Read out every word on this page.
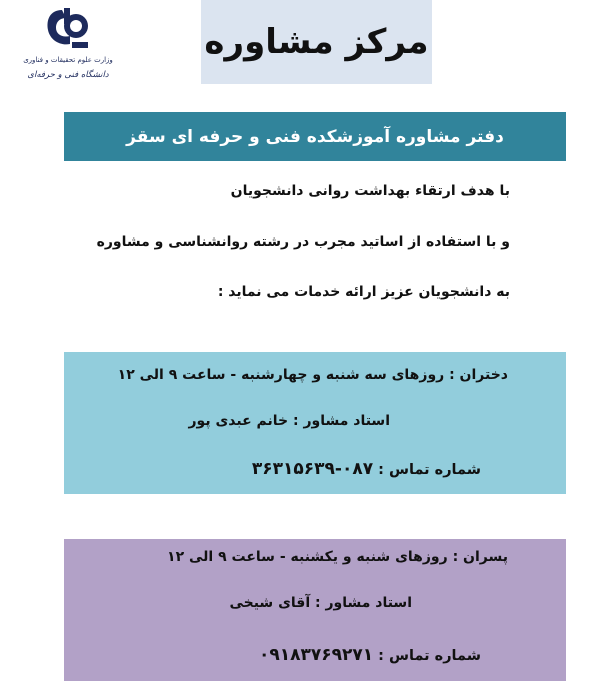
وزارت علوم تحقیقات و فناوری
دانشگاه فنی و حرفه‌ای
مرکز مشاوره
دفتر مشاوره آموزشکده فنی و حرفه ای سقز
با هدف ارتقاء بهداشت روانی دانشجویان
و با استفاده از اساتید مجرب در رشته روانشناسی و مشاوره
به دانشجویان عزیز ارائه خدمات می نماید :
دختران : روزهای سه شنبه و چهارشنبه - ساعت ۹ الی ۱۲
استاد مشاور : خانم عبدی پور
شماره تماس : ۰۸۷-۳۶۳۱۵۶۳۹
پسران : روزهای شنبه و یکشنبه - ساعت ۹ الی ۱۲
استاد مشاور : آقای شیخی
شماره تماس : ۰۹۱۸۳۷۶۹۲۷۱
